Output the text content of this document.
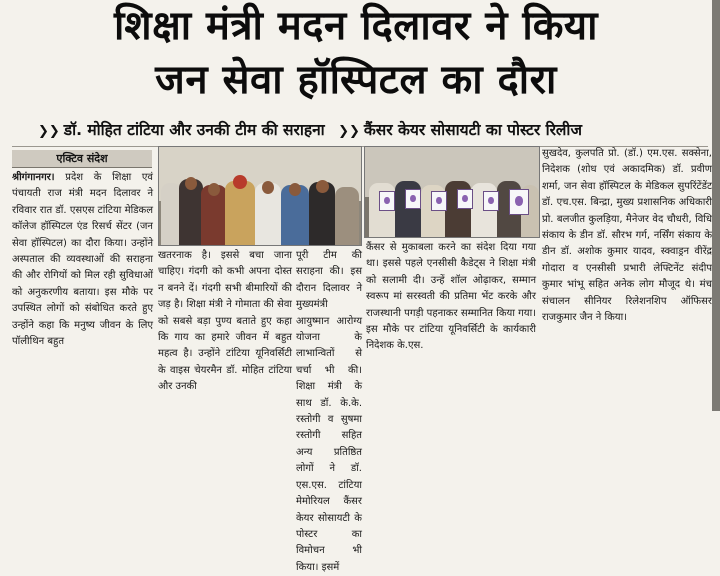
शिक्षा मंत्री मदन दिलावर ने किया
जन सेवा हॉस्पिटल का दौरा
❯❯ डॉ. मोहित टांटिया और उनकी टीम की सराहना ❯❯ कैंसर केयर सोसायटी का पोस्टर रिलीज
एक्टिव संदेश
श्रीगंगानगर। प्रदेश के शिक्षा एवं पंचायती राज मंत्री मदन दिलावर ने रविवार रात डॉ. एसएस टांटिया मेडिकल कॉलेज हॉस्पिटल एंड रिसर्च सेंटर (जन सेवा हॉस्पिटल) का दौरा किया। उन्होंने अस्पताल की व्यवस्थाओं की सराहना की और रोगियों को मिल रही सुविधाओं को अनुकरणीय बताया। इस मौके पर उपस्थित लोगों को संबोधित करते हुए उन्होंने कहा कि मनुष्य जीवन के लिए पॉलीथिन बहुत
खतरनाक है। इससे बचा जाना चाहिए। गंदगी को कभी अपना दोस्त न बनने दें। गंदगी सभी बीमारियों की जड़ है। शिक्षा मंत्री ने गोमाता की सेवा को सबसे बड़ा पुण्य बताते हुए कहा कि गाय का हमारे जीवन में बहुत महत्व है। उन्होंने टांटिया यूनिवर्सिटी के वाइस चेयरमैन डॉ. मोहित टांटिया और उनकी
पूरी टीम की सराहना की। इस दौरान दिलावर ने मुख्यमंत्री आयुष्मान आरोग्य योजना के लाभान्वितों से चर्चा भी की। शिक्षा मंत्री के साथ डॉ. के.के. रस्तोगी व सुषमा रस्तोगी सहित अन्य प्रतिष्ठित लोगों ने डॉ. एस.एस. टांटिया मेमोरियल कैंसर केयर सोसायटी के पोस्टर का विमोचन भी किया। इसमें
कैंसर से मुकाबला करने का संदेश दिया गया था। इससे पहले एनसीसी कैडेट्स ने शिक्षा मंत्री को सलामी दी। उन्हें शॉल ओढ़ाकर, सम्मान स्वरूप मां सरस्वती की प्रतिमा भेंट करके और राजस्थानी पगड़ी पहनाकर सम्मानित किया गया। इस मौके पर टांटिया यूनिवर्सिटी के कार्यकारी निदेशक के.एस.
सुखदेव, कुलपति प्रो. (डॉ.) एम.एस. सक्सेना, निदेशक (शोध एवं अकादमिक) डॉ. प्रवीण शर्मा, जन सेवा हॉस्पिटल के मेडिकल सुपरिंटेंडेंट डॉ. एच.एस. बिन्द्रा, मुख्य प्रशासनिक अधिकारी प्रो. बलजीत कुलड़िया, मैनेजर वेद चौधरी, विधि संकाय के डीन डॉ. सौरभ गर्ग, नर्सिंग संकाय के डीन डॉ. अशोक कुमार यादव, स्क्वाड्रन वीरेंद्र गोदारा व एनसीसी प्रभारी लेफ्टिनेंट संदीप कुमार भांभू सहित अनेक लोग मौजूद थे। मंच संचालन सीनियर रिलेशनशिप ऑफिसर राजकुमार जैन ने किया।
